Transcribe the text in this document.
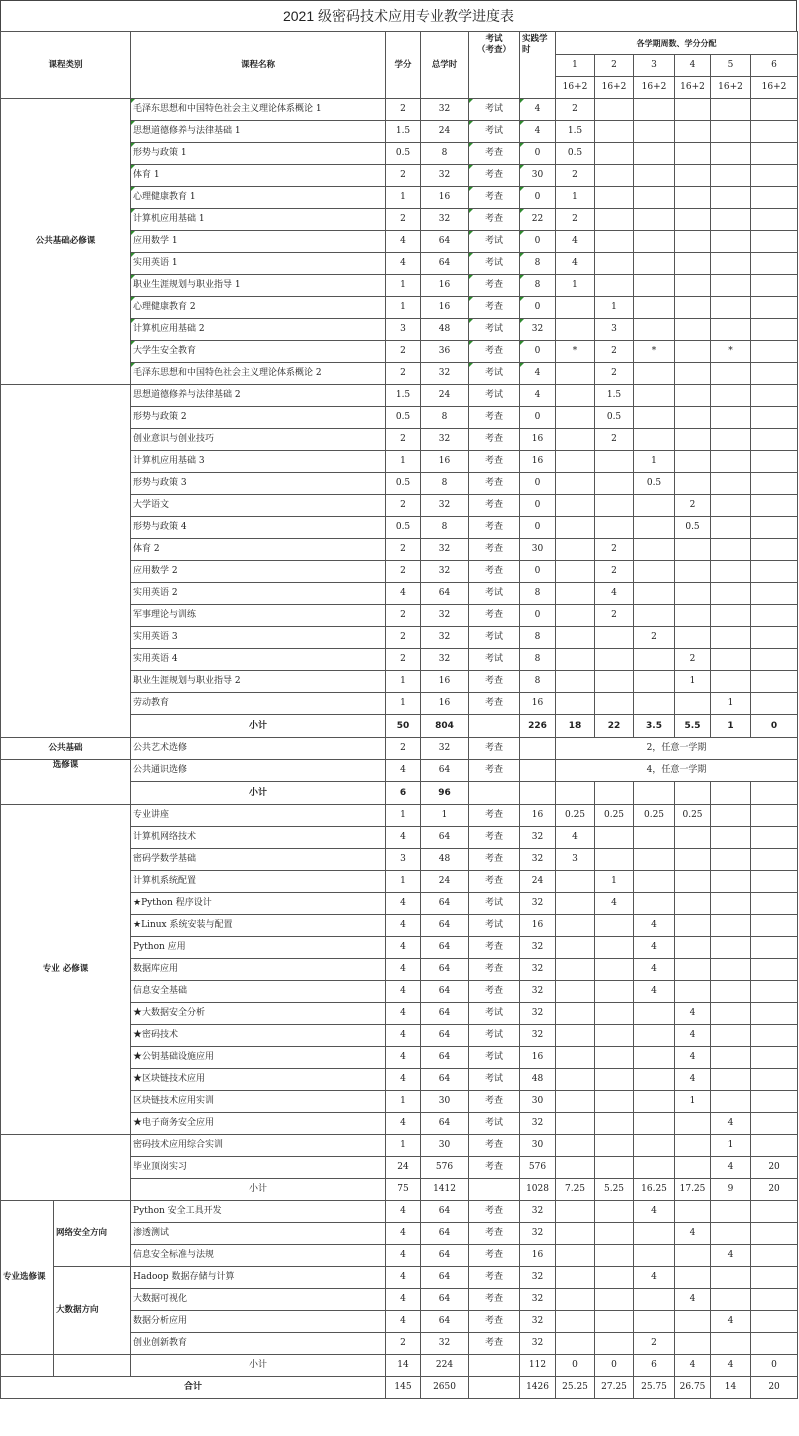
2021 级密码技术应用专业教学进度表
课程类别		课程名称	学分	总学时	考试
（考查）	实践学
时	各学期周数、学分分配					
							1	2	3	4	5	6
							16+2	16+2	16+2	16+2	16+2	16+2
公共基础必修课		毛泽东思想和中国特色社会主义理论体系概论 1	2	32	考试	4	2					
		思想道德修养与法律基础 1	1.5	24	考试	4	1.5					
		形势与政策 1	0.5	8	考查	0	0.5					
		体育 1	2	32	考查	30	2					
		心理健康教育 1	1	16	考查	0	1					
		计算机应用基础 1	2	32	考查	22	2					
		应用数学 1	4	64	考试	0	4					
		实用英语 1	4	64	考试	8	4					
		职业生涯规划与职业指导 1	1	16	考查	8	1					
		心理健康教育 2	1	16	考查	0		1				
		计算机应用基础 2	3	48	考试	32		3				
		大学生安全教育	2	36	考查	0	*	2	*		*	
		毛泽东思想和中国特色社会主义理论体系概论 2	2	32	考试	4		2				
		思想道德修养与法律基础 2	1.5	24	考试	4		1.5				
		形势与政策 2	0.5	8	考查	0		0.5				
		创业意识与创业技巧	2	32	考查	16		2				
		计算机应用基础 3	1	16	考查	16			1			
		形势与政策 3	0.5	8	考查	0			0.5			
		大学语文	2	32	考查	0				2		
		形势与政策 4	0.5	8	考查	0				0.5		
		体育 2	2	32	考查	30		2				
		应用数学 2	2	32	考查	0		2				
		实用英语 2	4	64	考试	8		4				
		军事理论与训练	2	32	考查	0		2				
		实用英语 3	2	32	考试	8			2			
		实用英语 4	2	32	考试	8				2		
		职业生涯规划与职业指导 2	1	16	考查	8				1		
		劳动教育	1	16	考查	16					1	
		小计	50	804		226	18	22	3.5	5.5	1	0
公共基础		公共艺术选修	2	32	考查		2，任意一学期					
选修课		公共通识选修	4	64	考查		4，任意一学期					
		小计	6	96								
专业 必修课		专业讲座	1	1	考查	16	0.25	0.25	0.25	0.25		
		计算机网络技术	4	64	考查	32	4					
		密码学数学基础	3	48	考查	32	3					
		计算机系统配置	1	24	考查	24		1				
		★Python 程序设计	4	64	考试	32		4				
		★Linux 系统安装与配置	4	64	考试	16			4			
		Python 应用	4	64	考查	32			4			
		数据库应用	4	64	考查	32			4			
		信息安全基础	4	64	考查	32			4			
		★大数据安全分析	4	64	考试	32				4		
		★密码技术	4	64	考试	32				4		
		★公钥基础设施应用	4	64	考试	16				4		
		★区块链技术应用	4	64	考试	48				4		
		区块链技术应用实训	1	30	考查	30				1		
		★电子商务安全应用	4	64	考试	32					4	
		密码技术应用综合实训	1	30	考查	30					1	
		毕业顶岗实习	24	576	考查	576					4	20
		小计	75	1412		1028	7.25	5.25	16.25	17.25	9	20
专业选修课	网络安全方向	Python 安全工具开发	4	64	考查	32			4			
		渗透测试	4	64	考查	32				4		
		信息安全标准与法规	4	64	考查	16					4	
	大数据方向	Hadoop 数据存储与计算	4	64	考查	32			4			
		大数据可视化	4	64	考查	32				4		
		数据分析应用	4	64	考查	32					4	
		创业创新教育	2	32	考查	32			2			
		小计	14	224		112	0	0	6	4	4	0
合计			145	2650		1426	25.25	27.25	25.75	26.75	14	20
